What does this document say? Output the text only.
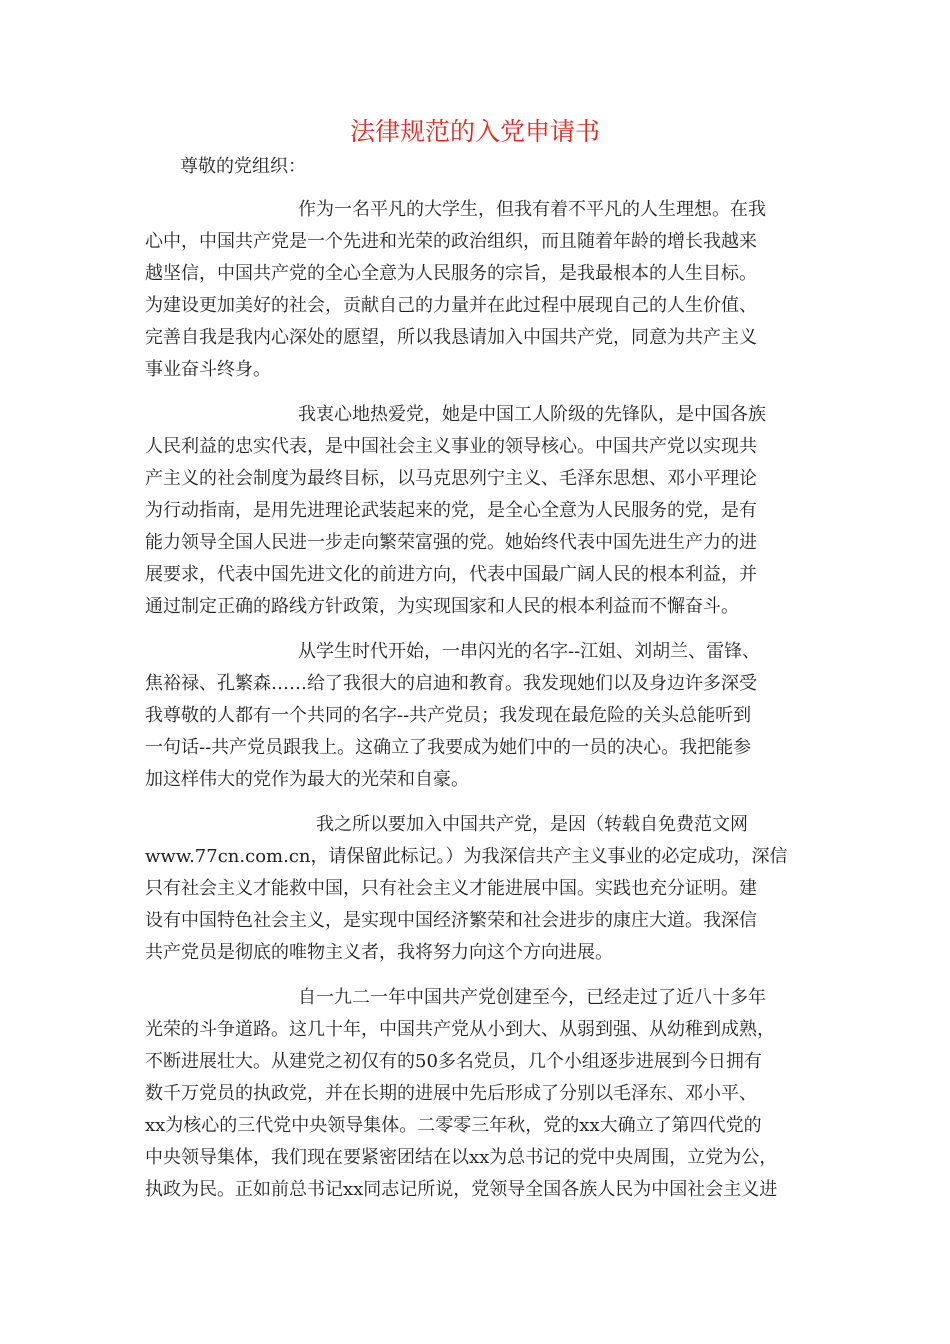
法律规范的入党申请书
尊敬的党组织：
作为一名平凡的大学生，但我有着不平凡的人生理想。在我
心中，中国共产党是一个先进和光荣的政治组织，而且随着年龄的增长我越来
越坚信，中国共产党的全心全意为人民服务的宗旨，是我最根本的人生目标。
为建设更加美好的社会，贡献自己的力量并在此过程中展现自己的人生价值、
完善自我是我内心深处的愿望，所以我恳请加入中国共产党，同意为共产主义
事业奋斗终身。
我衷心地热爱党，她是中国工人阶级的先锋队，是中国各族
人民利益的忠实代表，是中国社会主义事业的领导核心。中国共产党以实现共
产主义的社会制度为最终目标，以马克思列宁主义、毛泽东思想、邓小平理论
为行动指南，是用先进理论武装起来的党，是全心全意为人民服务的党，是有
能力领导全国人民进一步走向繁荣富强的党。她始终代表中国先进生产力的进
展要求，代表中国先进文化的前进方向，代表中国最广阔人民的根本利益，并
通过制定正确的路线方针政策，为实现国家和人民的根本利益而不懈奋斗。
从学生时代开始，一串闪光的名字--江姐、刘胡兰、雷锋、
焦裕禄、孔繁森……给了我很大的启迪和教育。我发现她们以及身边许多深受
我尊敬的人都有一个共同的名字--共产党员；我发现在最危险的关头总能听到
一句话--共产党员跟我上。这确立了我要成为她们中的一员的决心。我把能参
加这样伟大的党作为最大的光荣和自豪。
我之所以要加入中国共产党，是因（转载自免费范文网
www.77cn.com.cn，请保留此标记。）为我深信共产主义事业的必定成功，深信
只有社会主义才能救中国，只有社会主义才能进展中国。实践也充分证明。建
设有中国特色社会主义，是实现中国经济繁荣和社会进步的康庄大道。我深信
共产党员是彻底的唯物主义者，我将努力向这个方向进展。
自一九二一年中国共产党创建至今，已经走过了近八十多年
光荣的斗争道路。这几十年，中国共产党从小到大、从弱到强、从幼稚到成熟，
不断进展壮大。从建党之初仅有的50多名党员，几个小组逐步进展到今日拥有
数千万党员的执政党，并在长期的进展中先后形成了分别以毛泽东、邓小平、
xx为核心的三代党中央领导集体。二零零三年秋，党的xx大确立了第四代党的
中央领导集体，我们现在要紧密团结在以xx为总书记的党中央周围，立党为公，
执政为民。正如前总书记xx同志记所说，党领导全国各族人民为中国社会主义进
